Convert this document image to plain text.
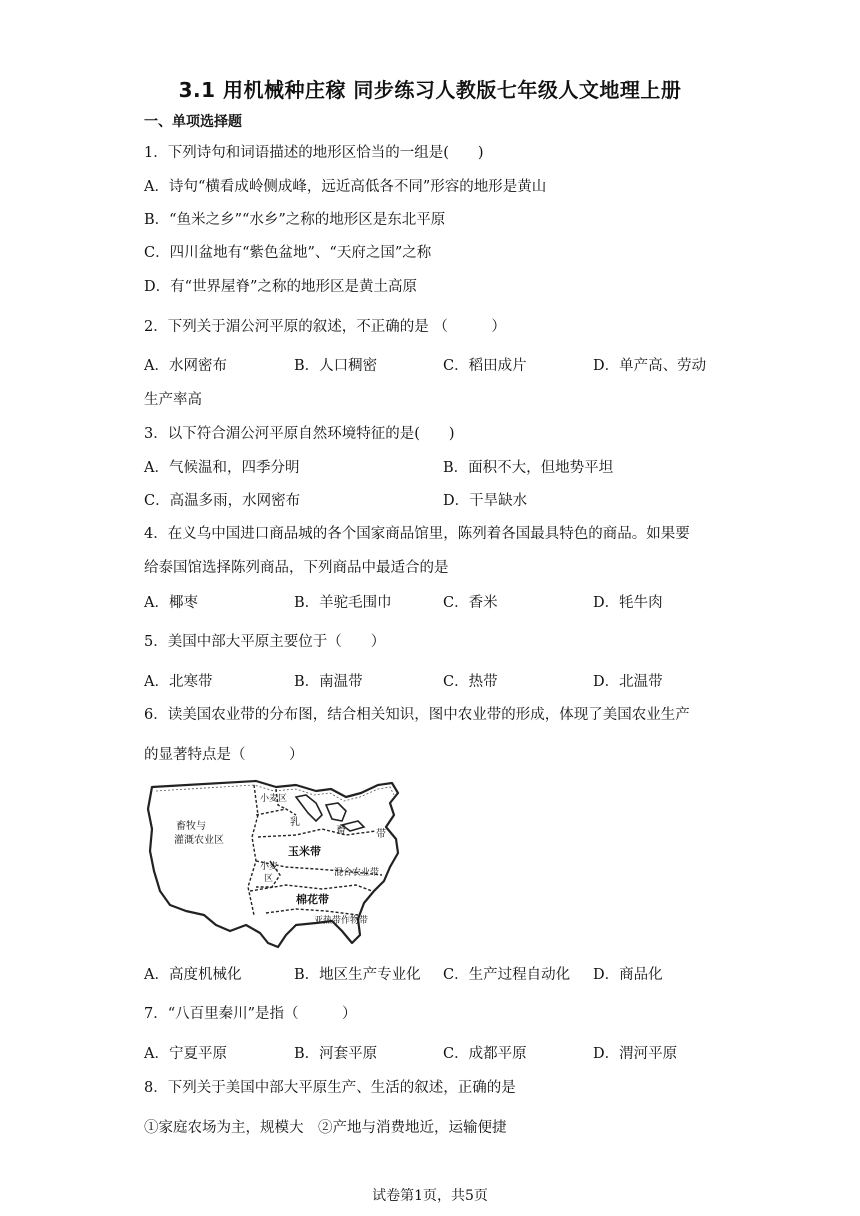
3.1 用机械种庄稼 同步练习人教版七年级人文地理上册
一、单项选择题
1．下列诗句和词语描述的地形区恰当的一组是(　　)
A．诗句“横看成岭侧成峰，远近高低各不同”形容的地形是黄山
B．“鱼米之乡”“水乡”之称的地形区是东北平原
C．四川盆地有“紫色盆地”、“天府之国”之称
D．有“世界屋脊”之称的地形区是黄土高原
2．下列关于湄公河平原的叙述，不正确的是 （　　　）
A．水网密布	B．人口稠密	C．稻田成片	D．单产高、劳动
生产率高
3．以下符合湄公河平原自然环境特征的是(　　)
A．气候温和，四季分明	B．面积不大，但地势平坦
C．高温多雨，水网密布	D．干旱缺水
4．在义乌中国进口商品城的各个国家商品馆里，陈列着各国最具特色的商品。如果要
给泰国馆选择陈列商品，下列商品中最适合的是
A．椰枣	B．羊驼毛围巾	C．香米	D．牦牛肉
5．美国中部大平原主要位于（　　）
A．北寒带	B．南温带	C．热带	D．北温带
6．读美国农业带的分布图，结合相关知识，图中农业带的形成，体现了美国农业生产
的显著特点是（　　　）
小麦区
畜牧与
灌溉农业区
乳
畜	带
玉米带
小麦
区
混合农业带
棉花带
亚热带作物带
A．高度机械化	B．地区生产专业化 C．生产过程自动化 D．商品化
7．“八百里秦川”是指（　　　）
A．宁夏平原	B．河套平原	C．成都平原	D．渭河平原
8．下列关于美国中部大平原生产、生活的叙述，正确的是
①家庭农场为主，规模大　②产地与消费地近，运输便捷
试卷第1页，共5页
